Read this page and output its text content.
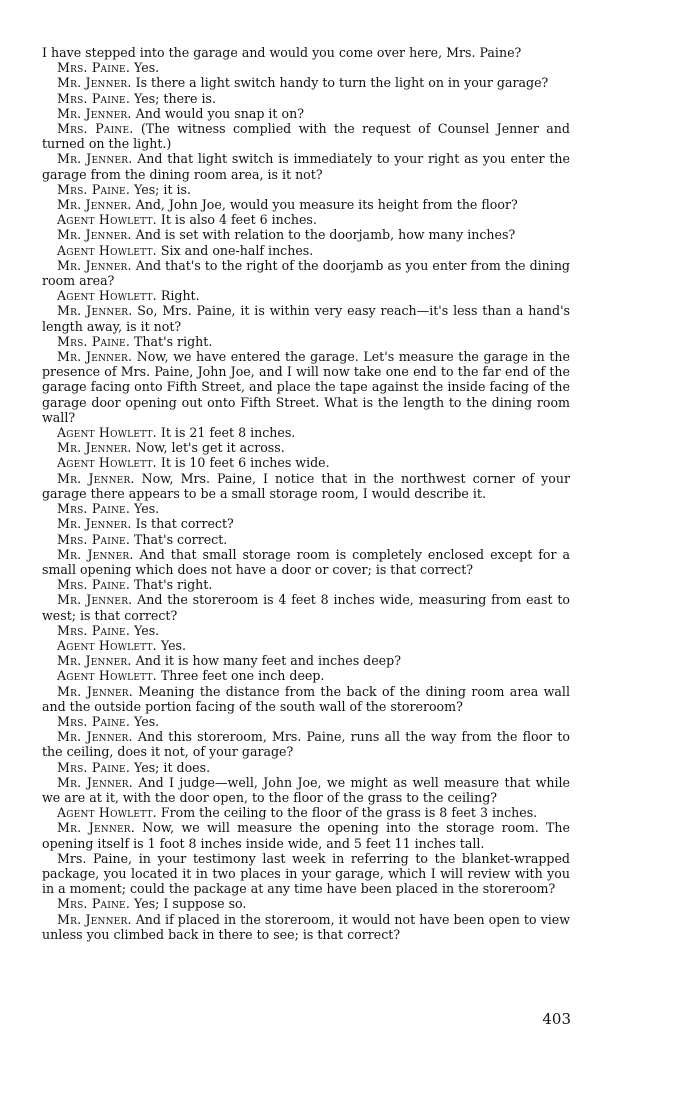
I have stepped into the garage and would you come over here, Mrs. Paine?

Mrs. Paine. Yes.

Mr. Jenner. Is there a light switch handy to turn the light on in your garage?

Mrs. Paine. Yes; there is.

Mr. Jenner. And would you snap it on?

Mrs. Paine. (The witness complied with the request of Counsel Jenner and turned on the light.)

Mr. Jenner. And that light switch is immediately to your right as you enter the garage from the dining room area, is it not?

Mrs. Paine. Yes; it is.

Mr. Jenner. And, John Joe, would you measure its height from the floor?

Agent Howlett. It is also 4 feet 6 inches.

Mr. Jenner. And is set with relation to the doorjamb, how many inches?

Agent Howlett. Six and one-half inches.

Mr. Jenner. And that's to the right of the doorjamb as you enter from the dining room area?

Agent Howlett. Right.

Mr. Jenner. So, Mrs. Paine, it is within very easy reach—it's less than a hand's length away, is it not?

Mrs. Paine. That's right.

Mr. Jenner. Now, we have entered the garage. Let's measure the garage in the presence of Mrs. Paine, John Joe, and I will now take one end to the far end of the garage facing onto Fifth Street, and place the tape against the inside facing of the garage door opening out onto Fifth Street. What is the length to the dining room wall?

Agent Howlett. It is 21 feet 8 inches.

Mr. Jenner. Now, let's get it across.

Agent Howlett. It is 10 feet 6 inches wide.

Mr. Jenner. Now, Mrs. Paine, I notice that in the northwest corner of your garage there appears to be a small storage room, I would describe it.

Mrs. Paine. Yes.

Mr. Jenner. Is that correct?

Mrs. Paine. That's correct.

Mr. Jenner. And that small storage room is completely enclosed except for a small opening which does not have a door or cover; is that correct?

Mrs. Paine. That's right.

Mr. Jenner. And the storeroom is 4 feet 8 inches wide, measuring from east to west; is that correct?

Mrs. Paine. Yes.

Agent Howlett. Yes.

Mr. Jenner. And it is how many feet and inches deep?

Agent Howlett. Three feet one inch deep.

Mr. Jenner. Meaning the distance from the back of the dining room area wall and the outside portion facing of the south wall of the storeroom?

Mrs. Paine. Yes.

Mr. Jenner. And this storeroom, Mrs. Paine, runs all the way from the floor to the ceiling, does it not, of your garage?

Mrs. Paine. Yes; it does.

Mr. Jenner. And I judge—well, John Joe, we might as well measure that while we are at it, with the door open, to the floor of the grass to the ceiling?

Agent Howlett. From the ceiling to the floor of the grass is 8 feet 3 inches.

Mr. Jenner. Now, we will measure the opening into the storage room. The opening itself is 1 foot 8 inches inside wide, and 5 feet 11 inches tall.

Mrs. Paine, in your testimony last week in referring to the blanket-wrapped package, you located it in two places in your garage, which I will review with you in a moment; could the package at any time have been placed in the storeroom?

Mrs. Paine. Yes; I suppose so.

Mr. Jenner. And if placed in the storeroom, it would not have been open to view unless you climbed back in there to see; is that correct?

403
